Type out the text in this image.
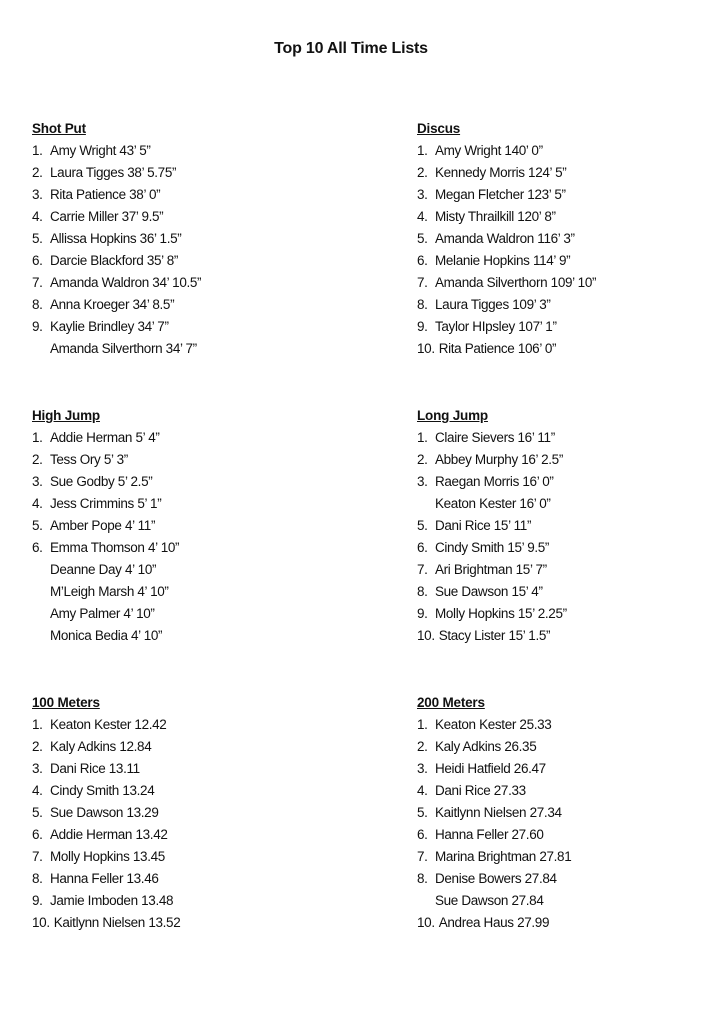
Top 10 All Time Lists
Shot Put
1. Amy Wright 43’ 5”
2. Laura Tigges 38’ 5.75”
3. Rita Patience 38’ 0”
4. Carrie Miller 37’ 9.5”
5. Allissa Hopkins 36’ 1.5”
6. Darcie Blackford 35’ 8”
7. Amanda Waldron 34’ 10.5”
8. Anna Kroeger 34’ 8.5”
9. Kaylie Brindley 34’ 7”
Amanda Silverthorn 34’ 7”
Discus
1. Amy Wright 140’ 0”
2. Kennedy Morris 124’ 5”
3. Megan Fletcher 123’ 5”
4. Misty Thrailkill 120’ 8”
5. Amanda Waldron 116’ 3”
6. Melanie Hopkins 114’ 9”
7. Amanda Silverthorn 109’ 10”
8. Laura Tigges 109’ 3”
9. Taylor HIpsley 107’ 1”
10. Rita Patience 106’ 0”
High Jump
1. Addie Herman 5’ 4”
2. Tess Ory 5’ 3”
3. Sue Godby 5’ 2.5”
4. Jess Crimmins 5’ 1”
5. Amber Pope 4’ 11”
6. Emma Thomson 4’ 10”
Deanne Day 4’ 10”
M’Leigh Marsh 4’ 10”
Amy Palmer 4’ 10”
Monica Bedia 4’ 10”
Long Jump
1. Claire Sievers 16’ 11”
2. Abbey Murphy 16’ 2.5”
3. Raegan Morris 16’ 0”
Keaton Kester 16’ 0”
5. Dani Rice 15’ 11”
6. Cindy Smith 15’ 9.5”
7. Ari Brightman 15’ 7”
8. Sue Dawson 15’ 4”
9. Molly Hopkins 15’ 2.25”
10. Stacy Lister 15’ 1.5”
100 Meters
1. Keaton Kester 12.42
2. Kaly Adkins 12.84
3. Dani Rice 13.11
4. Cindy Smith 13.24
5. Sue Dawson 13.29
6. Addie Herman 13.42
7. Molly Hopkins 13.45
8. Hanna Feller 13.46
9. Jamie Imboden 13.48
10. Kaitlynn Nielsen 13.52
200 Meters
1. Keaton Kester 25.33
2. Kaly Adkins 26.35
3. Heidi Hatfield 26.47
4. Dani Rice 27.33
5. Kaitlynn Nielsen 27.34
6. Hanna Feller 27.60
7. Marina Brightman 27.81
8. Denise Bowers 27.84
Sue Dawson 27.84
10. Andrea Haus 27.99
